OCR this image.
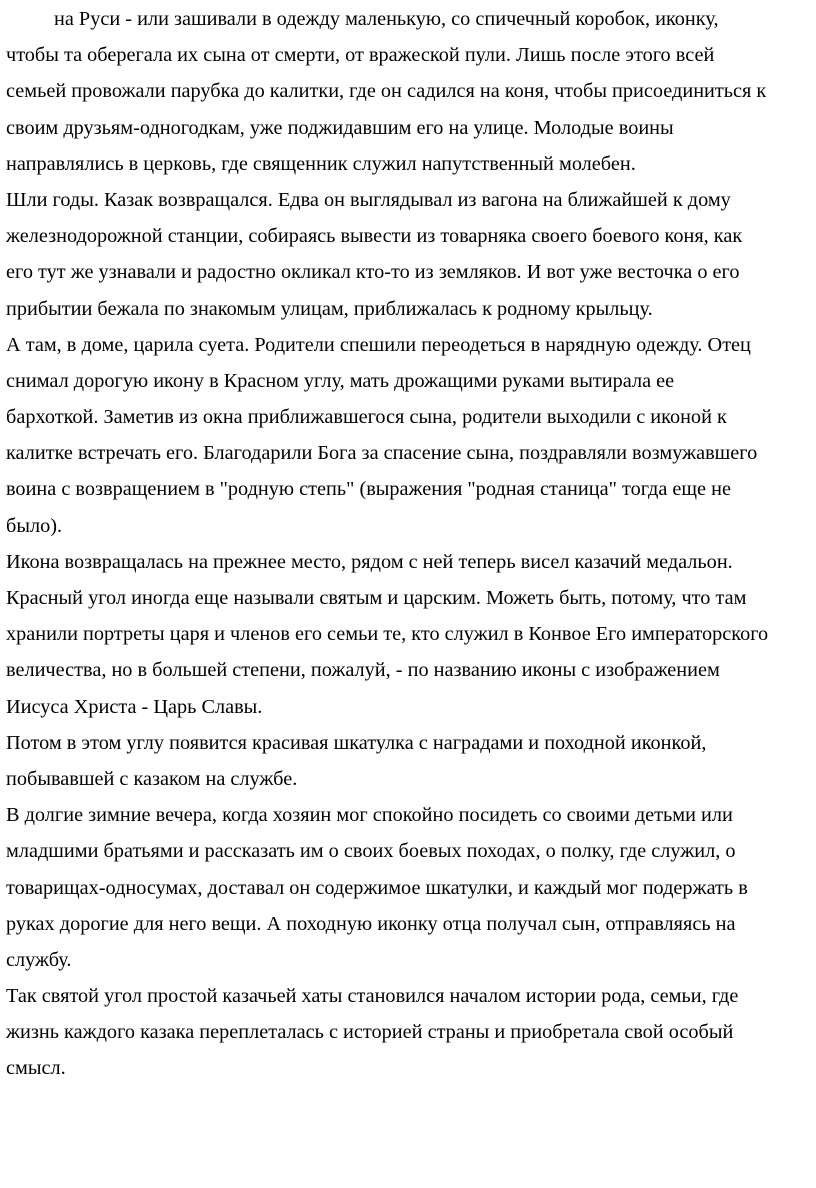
на Руси - или зашивали в одежду маленькую, со спичечный коробок, иконку,
чтобы та оберегала их сына от смерти, от вражеской пули. Лишь после этого всей
семьей провожали парубка до калитки, где он садился на коня, чтобы присоединиться к
своим друзьям-одногодкам, уже поджидавшим его на улице. Молодые воины
направлялись в церковь, где священник служил напутственный молебен.
Шли годы. Казак возвращался. Едва он выглядывал из вагона на ближайшей к дому
железнодорожной станции, собираясь вывести из товарняка своего боевого коня, как
его тут же узнавали и радостно окликал кто-то из земляков. И вот уже весточка о его
прибытии бежала по знакомым улицам, приближалась к родному крыльцу.
А там, в доме, царила суета. Родители спешили переодеться в нарядную одежду. Отец
снимал дорогую икону в Красном углу, мать дрожащими руками вытирала ее
бархоткой. Заметив из окна приближавшегося сына, родители выходили с иконой к
калитке встречать его. Благодарили Бога за спасение сына, поздравляли возмужавшего
воина с возвращением в "родную степь" (выражения "родная станица" тогда еще не
было).
Икона возвращалась на прежнее место, рядом с ней теперь висел казачий медальон.
Красный угол иногда еще называли святым и царским. Можеть быть, потому, что там
хранили портреты царя и членов его семьи те, кто служил в Конвое Его императорского
величества, но в большей степени, пожалуй, - по названию иконы с изображением
Иисуса Христа - Царь Славы.
Потом в этом углу появится красивая шкатулка с наградами и походной иконкой,
побывавшей с казаком на службе.
В долгие зимние вечера, когда хозяин мог спокойно посидеть со своими детьми или
младшими братьями и рассказать им о своих боевых походах, о полку, где служил, о
товарищах-односумах, доставал он содержимое шкатулки, и каждый мог подержать в
руках дорогие для него вещи. А походную иконку отца получал сын, отправляясь на
службу.
Так святой угол простой казачьей хаты становился началом истории рода, семьи, где
жизнь каждого казака переплеталась с историей страны и приобретала свой особый
смысл.
